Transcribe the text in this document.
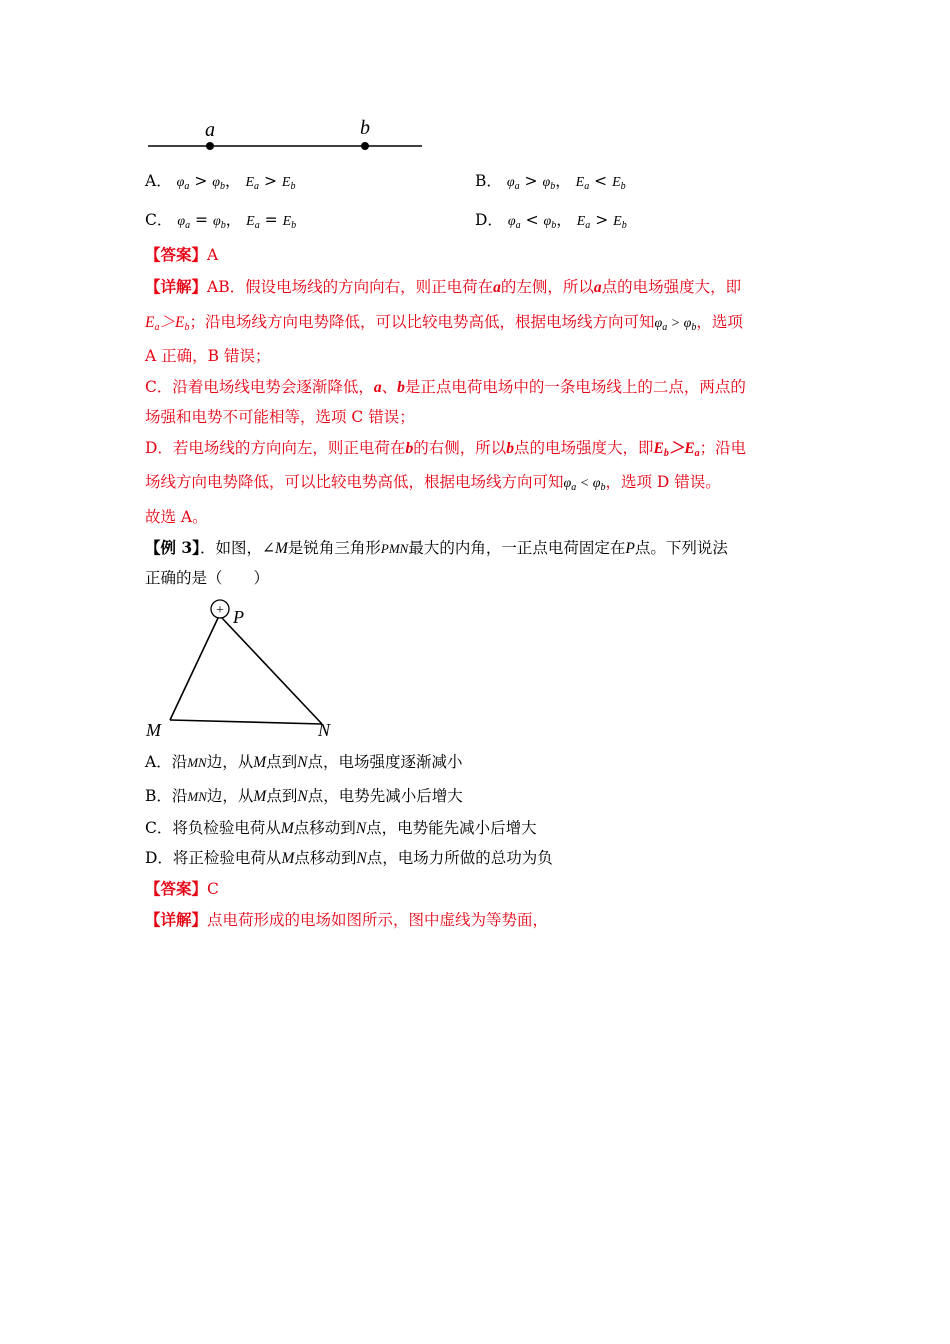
a	b
A． $\varphi_a > \varphi_b$， $E_a > E_b$	B． $\varphi_a > \varphi_b$， $E_a < E_b$
C． $\varphi_a = \varphi_b$， $E_a = E_b$	D． $\varphi_a < \varphi_b$， $E_a > E_b$
【答案】A
【详解】AB．假设电场线的方向向右，则正电荷在a的左侧，所以a点的电场强度大，即
$E_a>E_b$；沿电场线方向电势降低，可以比较电势高低，根据电场线方向可知$\varphi_a > \varphi_b$，选项
A 正确，B 错误；
C．沿着电场线电势会逐渐降低，a、b是正点电荷电场中的一条电场线上的二点，两点的
场强和电势不可能相等，选项 C 错误；
D．若电场线的方向向左，则正电荷在b的右侧，所以b点的电场强度大，即$E_b>E_a$；沿电
场线方向电势降低，可以比较电势高低，根据电场线方向可知$\varphi_a < \varphi_b$，选项 D 错误。
故选 A。
【例 3】．如图，∠M是锐角三角形PMN最大的内角，一正点电荷固定在P点。下列说法
正确的是（　　）
+ P
M	N
A．沿MN边，从M点到N点，电场强度逐渐减小
B．沿MN边，从M点到N点，电势先减小后增大
C．将负检验电荷从M点移动到N点，电势能先减小后增大
D．将正检验电荷从M点移动到N点，电场力所做的总功为负
【答案】C
【详解】点电荷形成的电场如图所示，图中虚线为等势面，
